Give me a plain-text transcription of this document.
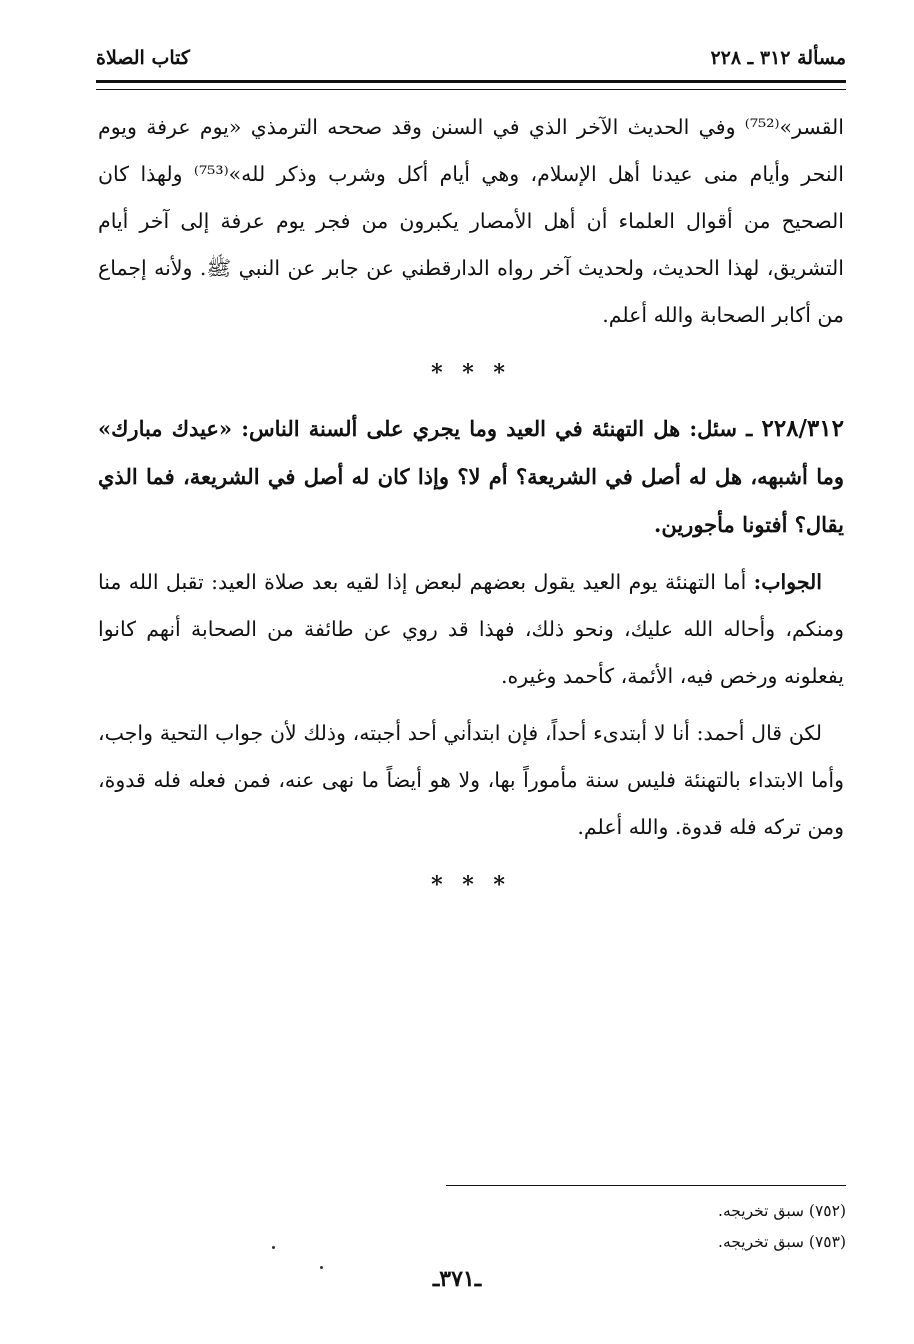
مسألة ٣١٢ ـ ٢٢٨
كتاب الصلاة

القسر»⁽⁷⁵²⁾ وفي الحديث الآخر الذي في السنن وقد صححه الترمذي «يوم عرفة ويوم النحر وأيام منى عيدنا أهل الإسلام، وهي أيام أكل وشرب وذكر لله»⁽⁷⁵³⁾ ولهذا كان الصحيح من أقوال العلماء أن أهل الأمصار يكبرون من فجر يوم عرفة إلى آخر أيام التشريق، لهذا الحديث، ولحديث آخر رواه الدارقطني عن جابر عن النبي ﷺ. ولأنه إجماع من أكابر الصحابة والله أعلم.

* * *

٢٢٨/٣١٢ ـ سئل: هل التهنئة في العيد وما يجري على ألسنة الناس: «عيدك مبارك» وما أشبهه، هل له أصل في الشريعة؟ أم لا؟ وإذا كان له أصل في الشريعة، فما الذي يقال؟ أفتونا مأجورين.

الجواب: أما التهنئة يوم العيد يقول بعضهم لبعض إذا لقيه بعد صلاة العيد: تقبل الله منا ومنكم، وأحاله الله عليك، ونحو ذلك، فهذا قد روي عن طائفة من الصحابة أنهم كانوا يفعلونه ورخص فيه، الأئمة، كأحمد وغيره.

لكن قال أحمد: أنا لا أبتدىء أحداً، فإن ابتدأني أحد أجبته، وذلك لأن جواب التحية واجب، وأما الابتداء بالتهنئة فليس سنة مأموراً بها، ولا هو أيضاً ما نهى عنه، فمن فعله فله قدوة، ومن تركه فله قدوة. والله أعلم.

* * *
(٧٥٢) سبق تخريجه.
(٧٥٣) سبق تخريجه.
ـ٣٧١ـ
